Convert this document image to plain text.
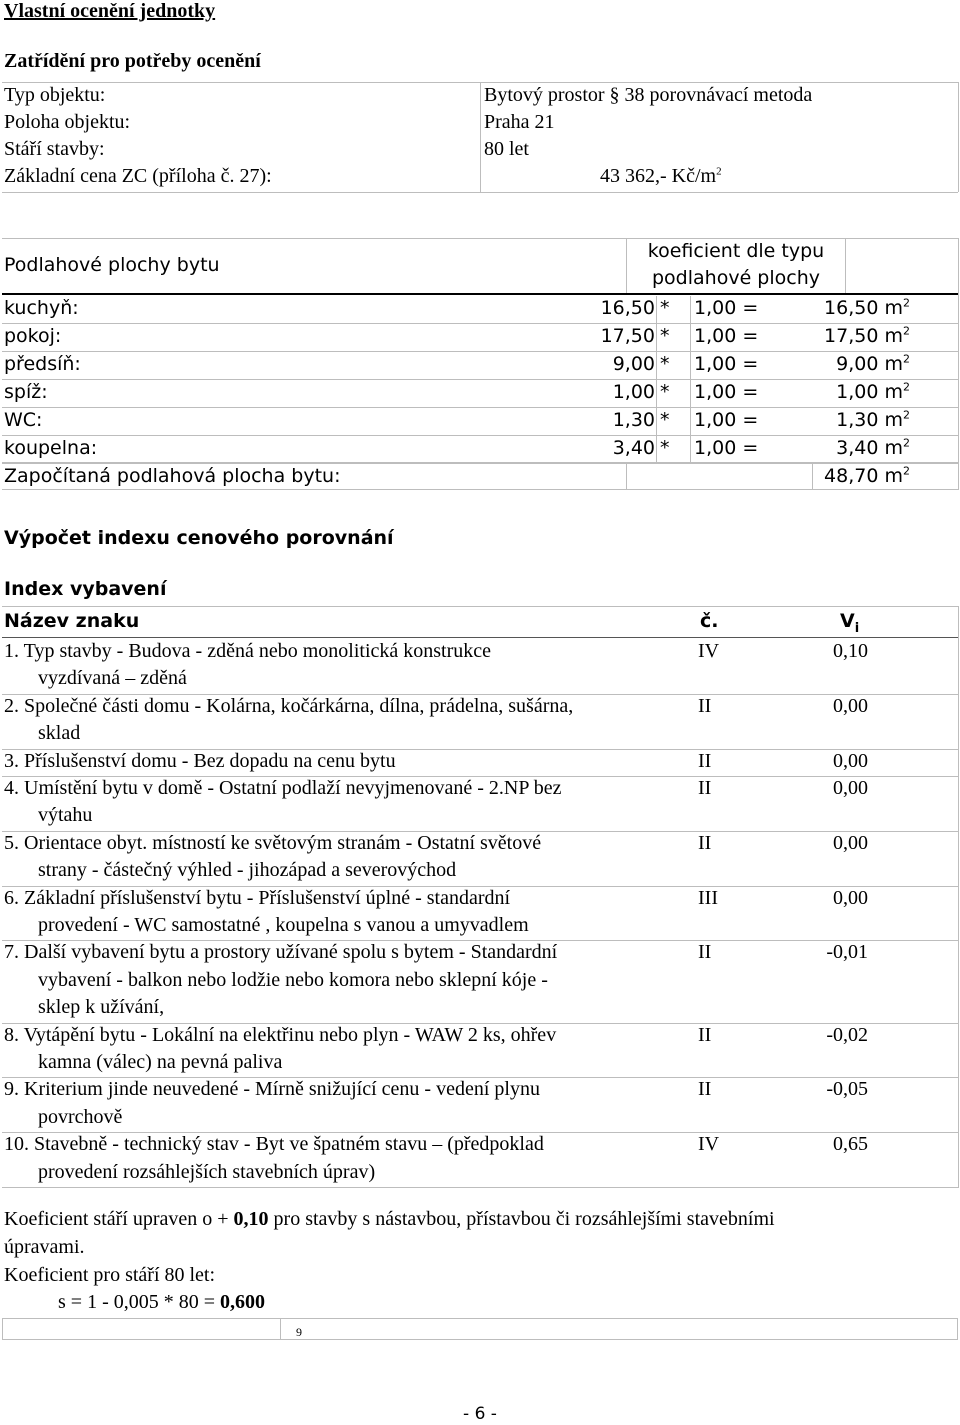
Vlastní ocenění jednotky
Zatřídění pro potřeby ocenění
Typ objektu:	Bytový prostor § 38 porovnávací metoda
Poloha objektu:	Praha 21
Stáří stavby:	80 let
Základní cena ZC (příloha č. 27):	43 362,- $Kč/m^2$
Podlahové plochy bytu
koeficient dle typu
podlahové plochy
kuchyň:	16,50 * 1,00 =	16,50 $m^2$
pokoj:	17,50 * 1,00 =	17,50 $m^2$
předsíň:	9,00 * 1,00 =	9,00 $m^2$
spíž:	1,00 * 1,00 =	1,00 $m^2$
WC:	1,30 * 1,00 =	1,30 $m^2$
koupelna:	3,40 * 1,00 =	3,40 $m^2$
Započítaná podlahová plocha bytu:	48,70 $m^2$
Výpočet indexu cenového porovnání
Index vybavení
Název znaku	č.	$V_i$
1. Typ stavby - Budova - zděná nebo monolitická konstrukce
vyzdívaná – zděná
IV	0,10
2. Společné části domu - Kolárna, kočárkárna, dílna, prádelna, sušárna,
sklad
II	0,00
3. Příslušenství domu - Bez dopadu na cenu bytu	II	0,00
4. Umístění bytu v domě - Ostatní podlaží nevyjmenované - 2.NP bez
výtahu
II	0,00
5. Orientace obyt. místností ke světovým stranám - Ostatní světové
strany - částečný výhled - jihozápad a severovýchod
II	0,00
6. Základní příslušenství bytu - Příslušenství úplné - standardní
provedení - WC samostatné , koupelna s vanou a umyvadlem
III	0,00
7. Další vybavení bytu a prostory užívané spolu s bytem - Standardní
vybavení - balkon nebo lodžie nebo komora nebo sklepní kóje -
sklep k užívání,
II	-0,01
8. Vytápění bytu - Lokální na elektřinu nebo plyn - WAW 2 ks, ohřev
kamna (válec) na pevná paliva
II	-0,02
9. Kriterium jinde neuvedené - Mírně snižující cenu - vedení plynu
povrchově
II	-0,05
10. Stavebně - technický stav - Byt ve špatném stavu – (předpoklad
provedení rozsáhlejších stavebních úprav)
IV	0,65
Koeficient stáří upraven o + 0,10 pro stavby s nástavbou, přístavbou či rozsáhlejšími stavebními
úpravami.
Koeficient pro stáří 80 let:
s = 1 - 0,005 * 80 = 0,600
9
- 6 -
